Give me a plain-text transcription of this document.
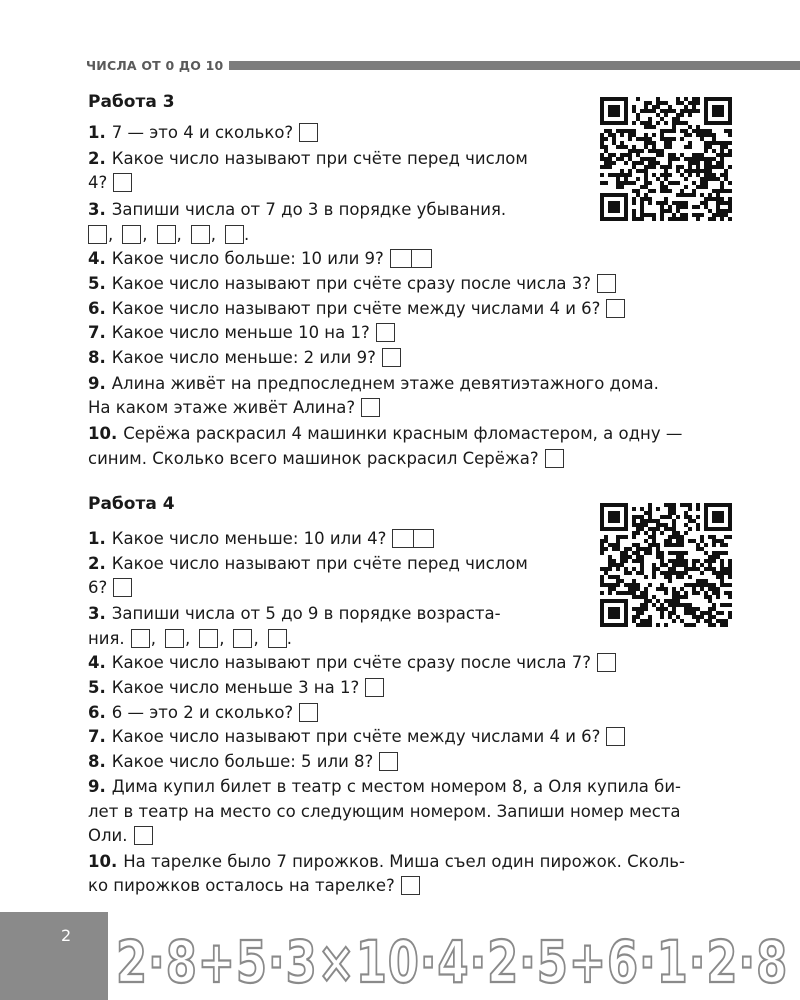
ЧИСЛА ОТ 0 ДО 10
Работа 3
1. 7 — это 4 и сколько?
2. Какое число называют при счёте перед числом
4?
3. Запиши числа от 7 до 3 в порядке убывания.
, , , , .
4. Какое число больше: 10 или 9?
5. Какое число называют при счёте сразу после числа 3?
6. Какое число называют при счёте между числами 4 и 6?
7. Какое число меньше 10 на 1?
8. Какое число меньше: 2 или 9?
9. Алина живёт на предпоследнем этаже девятиэтажного дома.
На каком этаже живёт Алина?
10. Серёжа раскрасил 4 машинки красным фломастером, а одну —
синим. Сколько всего машинок раскрасил Серёжа?
Работа 4
1. Какое число меньше: 10 или 4?
2. Какое число называют при счёте перед числом
6?
3. Запиши числа от 5 до 9 в порядке возраста-
ния. , , , , .
4. Какое число называют при счёте сразу после числа 7?
5. Какое число меньше 3 на 1?
6. 6 — это 2 и сколько?
7. Какое число называют при счёте между числами 4 и 6?
8. Какое число больше: 5 или 8?
9. Дима купил билет в театр с местом номером 8, а Оля купила би-
лет в театр на место со следующим номером. Запиши номер места
Оли.
10. На тарелке было 7 пирожков. Миша съел один пирожок. Сколь-
ко пирожков осталось на тарелке?
2 2·8+5·3×10·4·2·5+6·1·2·8
